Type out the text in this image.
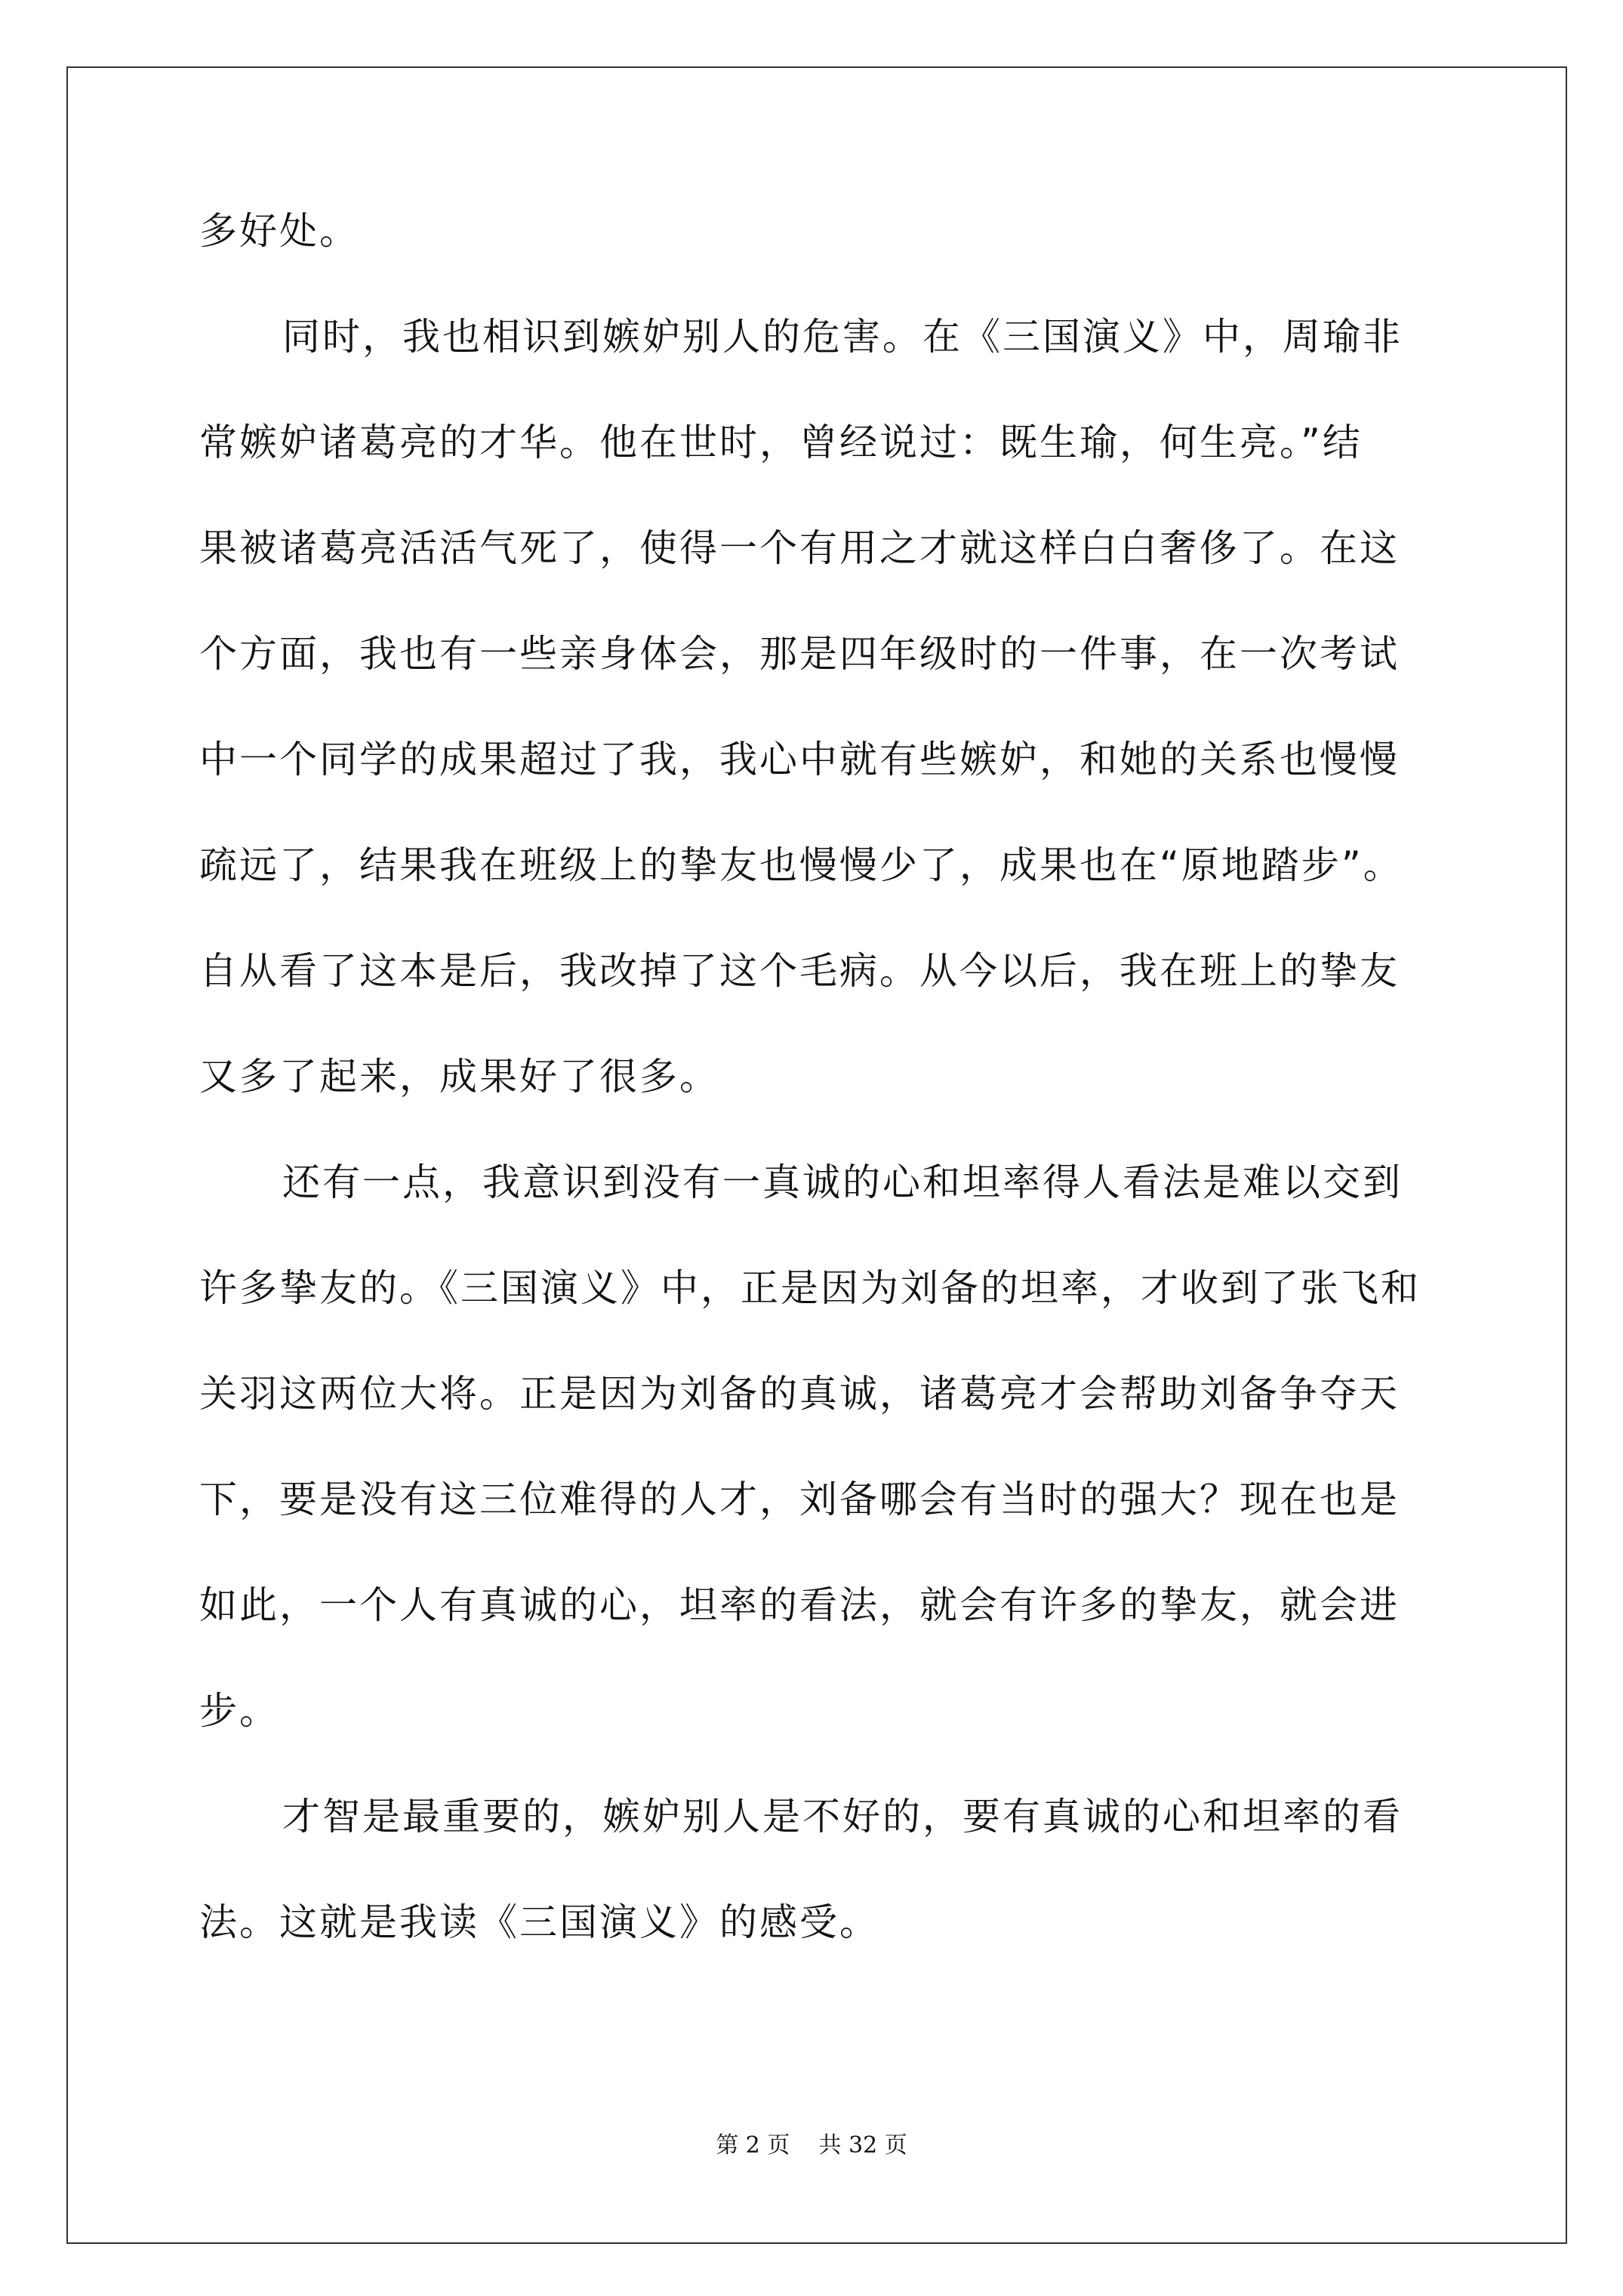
多好处。
同时，我也相识到嫉妒别人的危害。在《三国演义》中，周瑜非
常嫉妒诸葛亮的才华。他在世时，曾经说过：既生瑜，何生亮。”结
果被诸葛亮活活气死了，使得一个有用之才就这样白白奢侈了。在这
个方面，我也有一些亲身体会，那是四年级时的一件事，在一次考试
中一个同学的成果超过了我，我心中就有些嫉妒，和她的关系也慢慢
疏远了，结果我在班级上的挚友也慢慢少了，成果也在“原地踏步”。
自从看了这本是后，我改掉了这个毛病。从今以后，我在班上的挚友
又多了起来，成果好了很多。
还有一点，我意识到没有一真诚的心和坦率得人看法是难以交到
许多挚友的。《三国演义》中，正是因为刘备的坦率，才收到了张飞和
关羽这两位大将。正是因为刘备的真诚，诸葛亮才会帮助刘备争夺天
下，要是没有这三位难得的人才，刘备哪会有当时的强大？现在也是
如此，一个人有真诚的心，坦率的看法，就会有许多的挚友，就会进
步。
才智是最重要的，嫉妒别人是不好的，要有真诚的心和坦率的看
法。这就是我读《三国演义》的感受。
第 2 页 共 32 页
